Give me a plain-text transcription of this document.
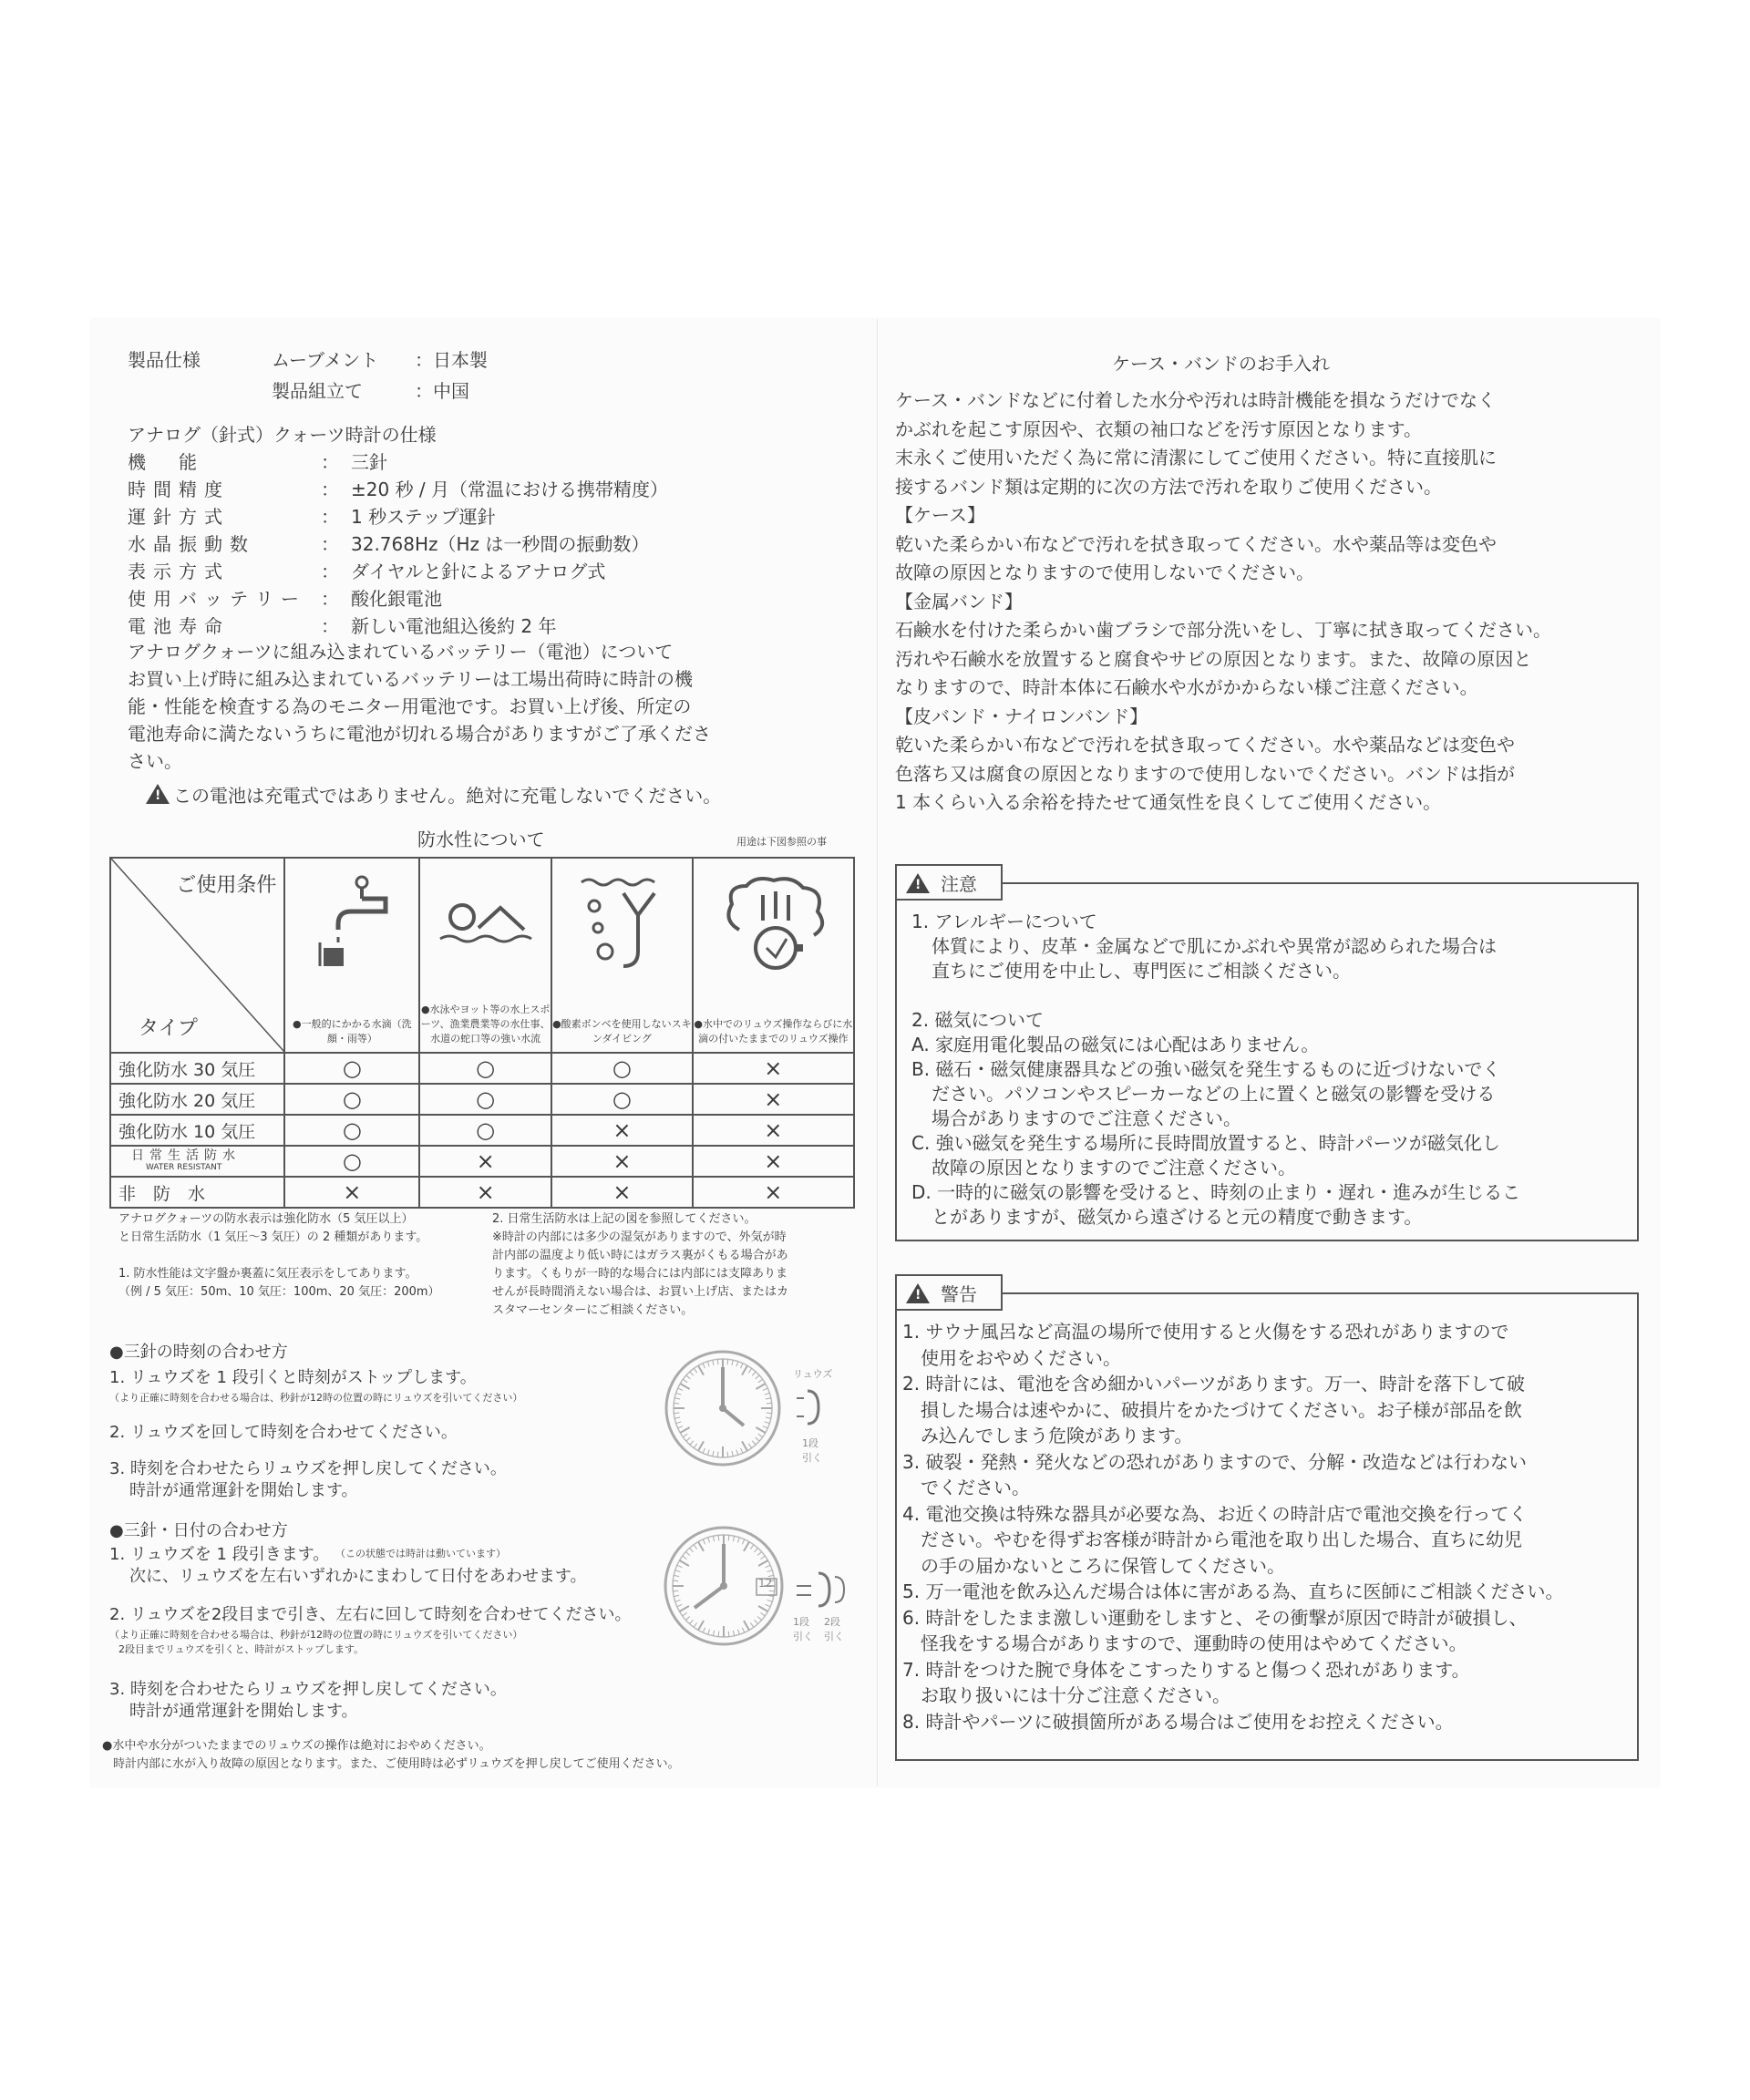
製品仕様	ムーブメント ： 日本製
製品組立て	： 中国
アナログ（針式）クォーツ時計の仕様
機　能	： 三針
時間精度	： ±20 秒 / 月（常温における携帯精度）
運針方式	： 1 秒ステップ運針
水晶振動数	： 32.768Hz（Hz は一秒間の振動数）
表示方式	： ダイヤルと針によるアナログ式
使用バッテリー ： 酸化銀電池
電池寿命	： 新しい電池組込後約 2 年
アナログクォーツに組み込まれているバッテリー（電池）について
お買い上げ時に組み込まれているバッテリーは工場出荷時に時計の機
能・性能を検査する為のモニター用電池です。お買い上げ後、所定の
電池寿命に満たないうちに電池が切れる場合がありますがご了承くださ
さい。
!この電池は充電式ではありません。絶対に充電しないでください。
防水性について	用途は下図参照の事
ご使用条件
タイプ	●一般的にかかる水滴（洗顔・雨等）	●水泳やヨット等の水上スポーツ、漁業農業等の水仕事、水道の蛇口等の強い水流	●酸素ボンベを使用しないスキンダイビング	●水中でのリュウズ操作ならびに水滴の付いたままでのリュウズ操作

強化防水 30 気圧	○	○	○	×

強化防水 20 気圧	○	○	○	×

強化防水 10 気圧	○	○	×	×

日常生活防水
WATER RESISTANT	○	×	×	×

非　防　水	×	×	×	×
アナログクォーツの防水表示は強化防水（5 気圧以上）
と日常生活防水（1 気圧～3 気圧）の 2 種類があります。
1. 防水性能は文字盤か裏蓋に気圧表示をしてあります。
（例 / 5 気圧：50m、10 気圧：100m、20 気圧：200m）
2. 日常生活防水は上記の図を参照してください。
※時計の内部には多少の湿気がありますので、外気が時
計内部の温度より低い時にはガラス裏がくもる場合があ
ります。くもりが一時的な場合には内部には支障ありま
せんが長時間消えない場合は、お買い上げ店、またはカ
スタマーセンターにご相談ください。
●三針の時刻の合わせ方
1. リュウズを 1 段引くと時刻がストップします。
（より正確に時刻を合わせる場合は、秒針が12時の位置の時にリュウズを引いてください）
2. リュウズを回して時刻を合わせてください。
3. 時刻を合わせたらリュウズを押し戻してください。
時計が通常運針を開始します。
リュウズ
1段引く
●三針・日付の合わせ方
1. リュウズを 1 段引きます。 （この状態では時計は動いています）
次に、リュウズを左右いずれかにまわして日付をあわせます。
2. リュウズを2段目まで引き、左右に回して時刻を合わせてください。
（より正確に時刻を合わせる場合は、秒針が12時の位置の時にリュウズを引いてください）
2段目までリュウズを引くと、時計がストップします。
3. 時刻を合わせたらリュウズを押し戻してください。
時計が通常運針を開始します。
12
1段引く
2段引く
●水中や水分がついたままでのリュウズの操作は絶対におやめください。
時計内部に水が入り故障の原因となります。また、ご使用時は必ずリュウズを押し戻してご使用ください。
ケース・バンドのお手入れ
ケース・バンドなどに付着した水分や汚れは時計機能を損なうだけでなく
かぶれを起こす原因や、衣類の袖口などを汚す原因となります。
末永くご使用いただく為に常に清潔にしてご使用ください。特に直接肌に
接するバンド類は定期的に次の方法で汚れを取りご使用ください。
【ケース】
乾いた柔らかい布などで汚れを拭き取ってください。水や薬品等は変色や
故障の原因となりますので使用しないでください。
【金属バンド】
石鹸水を付けた柔らかい歯ブラシで部分洗いをし、丁寧に拭き取ってください。
汚れや石鹸水を放置すると腐食やサビの原因となります。また、故障の原因と
なりますので、時計本体に石鹸水や水がかからない様ご注意ください。
【皮バンド・ナイロンバンド】
乾いた柔らかい布などで汚れを拭き取ってください。水や薬品などは変色や
色落ち又は腐食の原因となりますので使用しないでください。バンドは指が
1 本くらい入る余裕を持たせて通気性を良くしてご使用ください。
!
注意
1. アレルギーについて
体質により、皮革・金属などで肌にかぶれや異常が認められた場合は
直ちにご使用を中止し、専門医にご相談ください。
2. 磁気について
A. 家庭用電化製品の磁気には心配はありません。
B. 磁石・磁気健康器具などの強い磁気を発生するものに近づけないでく
ださい。パソコンやスピーカーなどの上に置くと磁気の影響を受ける
場合がありますのでご注意ください。
C. 強い磁気を発生する場所に長時間放置すると、時計パーツが磁気化し
故障の原因となりますのでご注意ください。
D. 一時的に磁気の影響を受けると、時刻の止まり・遅れ・進みが生じるこ
とがありますが、磁気から遠ざけると元の精度で動きます。
!
警告
1. サウナ風呂など高温の場所で使用すると火傷をする恐れがありますので
使用をおやめください。
2. 時計には、電池を含め細かいパーツがあります。万一、時計を落下して破
損した場合は速やかに、破損片をかたづけてください。お子様が部品を飲
み込んでしまう危険があります。
3. 破裂・発熱・発火などの恐れがありますので、分解・改造などは行わない
でください。
4. 電池交換は特殊な器具が必要な為、お近くの時計店で電池交換を行ってく
ださい。やむを得ずお客様が時計から電池を取り出した場合、直ちに幼児
の手の届かないところに保管してください。
5. 万一電池を飲み込んだ場合は体に害がある為、直ちに医師にご相談ください。
6. 時計をしたまま激しい運動をしますと、その衝撃が原因で時計が破損し、
怪我をする場合がありますので、運動時の使用はやめてください。
7. 時計をつけた腕で身体をこすったりすると傷つく恐れがあります。
お取り扱いには十分ご注意ください。
8. 時計やパーツに破損箇所がある場合はご使用をお控えください。
